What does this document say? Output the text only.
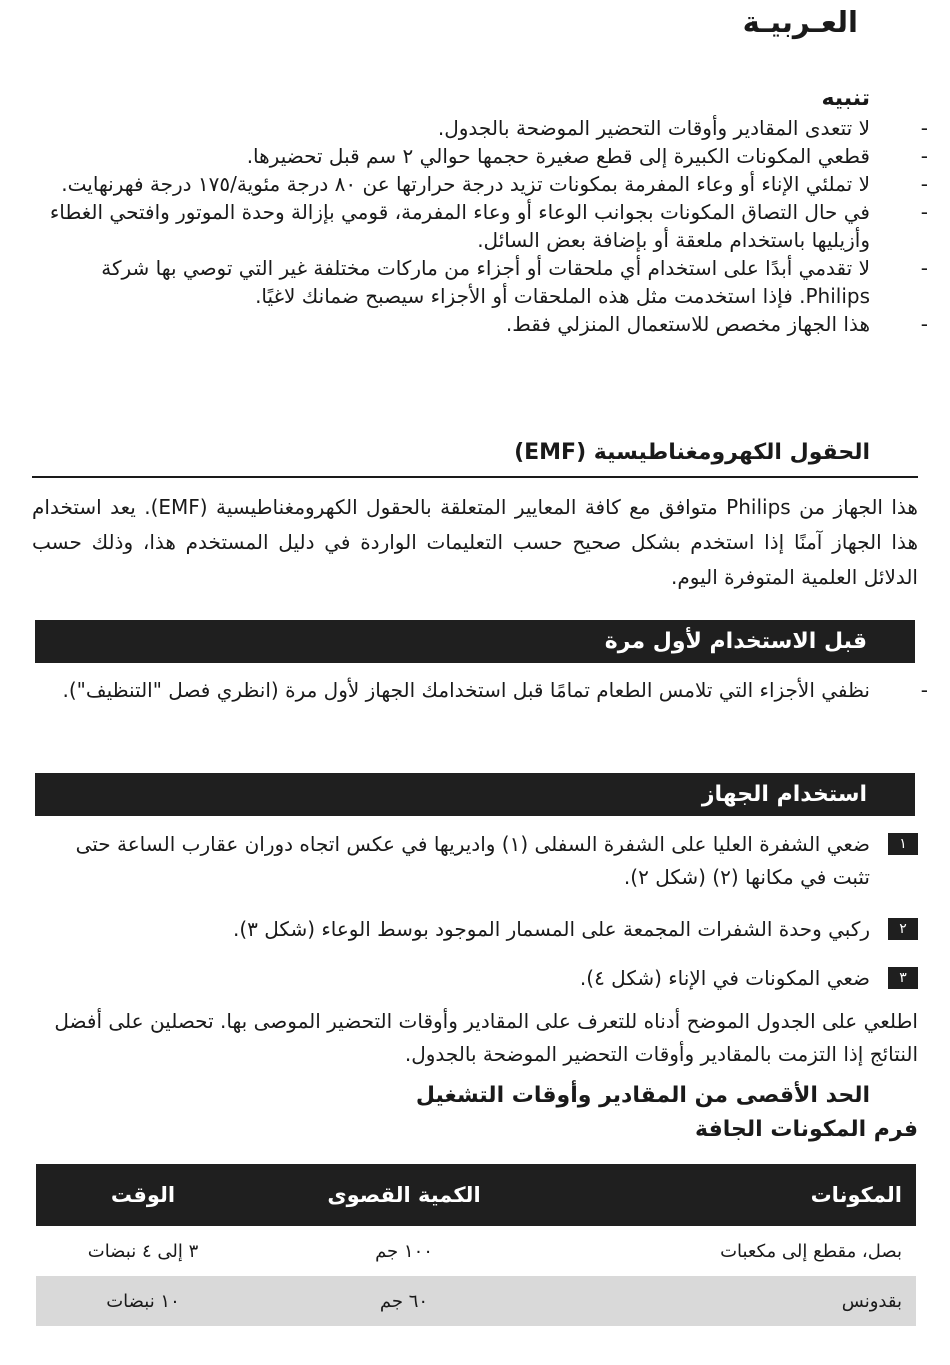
العـربيـة

تنبيه

-
لا تتعدى المقادير وأوقات التحضير الموضحة بالجدول.
-
قطعي المكونات الكبيرة إلى قطع صغيرة حجمها حوالي ٢ سم قبل تحضيرها.
-
لا تملئي الإناء أو وعاء المفرمة بمكونات تزيد درجة حرارتها عن ٨٠ درجة مئوية/١٧٥ درجة فهرنهايت.
-
في حال التصاق المكونات بجوانب الوعاء أو وعاء المفرمة، قومي بإزالة وحدة الموتور وافتحي الغطاء وأزيليها باستخدام ملعقة أو بإضافة بعض السائل.
-
لا تقدمي أبدًا على استخدام أي ملحقات أو أجزاء من ماركات مختلفة غير التي توصي بها شركة Philips. فإذا استخدمت مثل هذه الملحقات أو الأجزاء سيصبح ضمانك لاغيًا.
-
هذا الجهاز مخصص للاستعمال المنزلي فقط.
الحقول الكهرومغناطيسية (EMF)
هذا الجهاز من Philips متوافق مع كافة المعايير المتعلقة بالحقول الكهرومغناطيسية (EMF). يعد استخدام هذا الجهاز آمنًا إذا استخدم بشكل صحيح حسب التعليمات الواردة في دليل المستخدم هذا، وذلك حسب الدلائل العلمية المتوفرة اليوم.
قبل الاستخدام لأول مرة
-
نظفي الأجزاء التي تلامس الطعام تمامًا قبل استخدامك الجهاز لأول مرة (انظري فصل "التنظيف").
استخدام الجهاز
١
ضعي الشفرة العليا على الشفرة السفلى (١) واديريها في عكس اتجاه دوران عقارب الساعة حتى تثبت في مكانها (٢) (شكل ٢).
٢
ركبي وحدة الشفرات المجمعة على المسمار الموجود بوسط الوعاء (شكل ٣).
٣
ضعي المكونات في الإناء (شكل ٤).
اطلعي على الجدول الموضح أدناه للتعرف على المقادير وأوقات التحضير الموصى بها. تحصلين على أفضل النتائج إذا التزمت بالمقادير وأوقات التحضير الموضحة بالجدول.
الحد الأقصى من المقادير وأوقات التشغيل
فرم المكونات الجافة
المكونات	الكمية القصوى	الوقت
بصل، مقطع إلى مكعبات	١٠٠ جم	٣ إلى ٤ نبضات
بقدونس	٦٠ جم	١٠ نبضات
